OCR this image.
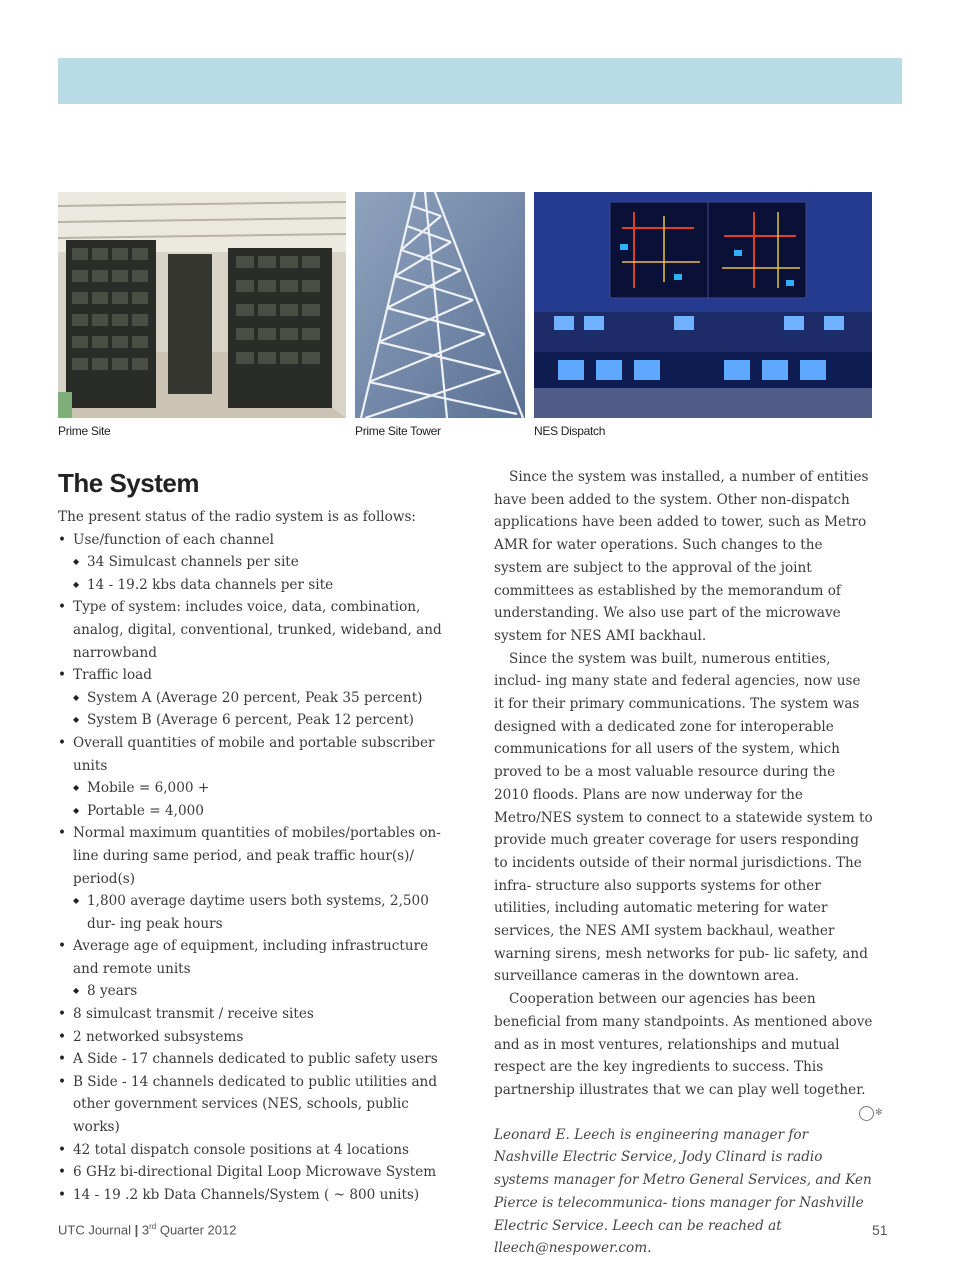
Prime Site	Prime Site Tower	NES Dispatch
The System

The present status of the radio system is as follows:

• Use/function of each channel
◆ 34 Simulcast channels per site
◆ 14 - 19.2 kbs data channels per site
• Type of system: includes voice, data, combination, analog, digital, conventional, trunked, wideband, and narrowband
• Traffic load
◆ System A (Average 20 percent, Peak 35 percent)
◆ System B (Average 6 percent, Peak 12 percent)
• Overall quantities of mobile and portable subscriber units
◆ Mobile = 6,000 +
◆ Portable = 4,000
• Normal maximum quantities of mobiles/portables on-line during same period, and peak traffic hour(s)/ period(s)
◆ 1,800 average daytime users both systems, 2,500 dur- ing peak hours
• Average age of equipment, including infrastructure and remote units
◆ 8 years
• 8 simulcast transmit / receive sites
• 2 networked subsystems
• A Side - 17 channels dedicated to public safety users
• B Side - 14 channels dedicated to public utilities and other government services (NES, schools, public works)
• 42 total dispatch console positions at 4 locations
• 6 GHz bi-directional Digital Loop Microwave System
• 14 - 19 .2 kb Data Channels/System ( ~ 800 units)

Since the system was installed, a number of entities have been added to the system. Other non-dispatch applications have been added to tower, such as Metro AMR for water operations. Such changes to the system are subject to the approval of the joint committees as established by the memorandum of understanding. We also use part of the microwave system for NES AMI backhaul.

Since the system was built, numerous entities, includ- ing many state and federal agencies, now use it for their primary communications. The system was designed with a dedicated zone for interoperable communications for all users of the system, which proved to be a most valuable resource during the 2010 floods. Plans are now underway for the Metro/NES system to connect to a statewide system to provide much greater coverage for users responding to incidents outside of their normal jurisdictions. The infra- structure also supports systems for other utilities, including automatic metering for water services, the NES AMI system backhaul, weather warning sirens, mesh networks for pub- lic safety, and surveillance cameras in the downtown area.

Cooperation between our agencies has been beneficial from many standpoints. As mentioned above and as in most ventures, relationships and mutual respect are the key ingredients to success. This partnership illustrates that we can play well together.
✻

Leonard E. Leech is engineering manager for Nashville Electric Service, Jody Clinard is radio systems manager for Metro General Services, and Ken Pierce is telecommunica- tions manager for Nashville Electric Service. Leech can be reached at lleech@nespower.com.

UTC Journal | 3rd Quarter 2012	51
